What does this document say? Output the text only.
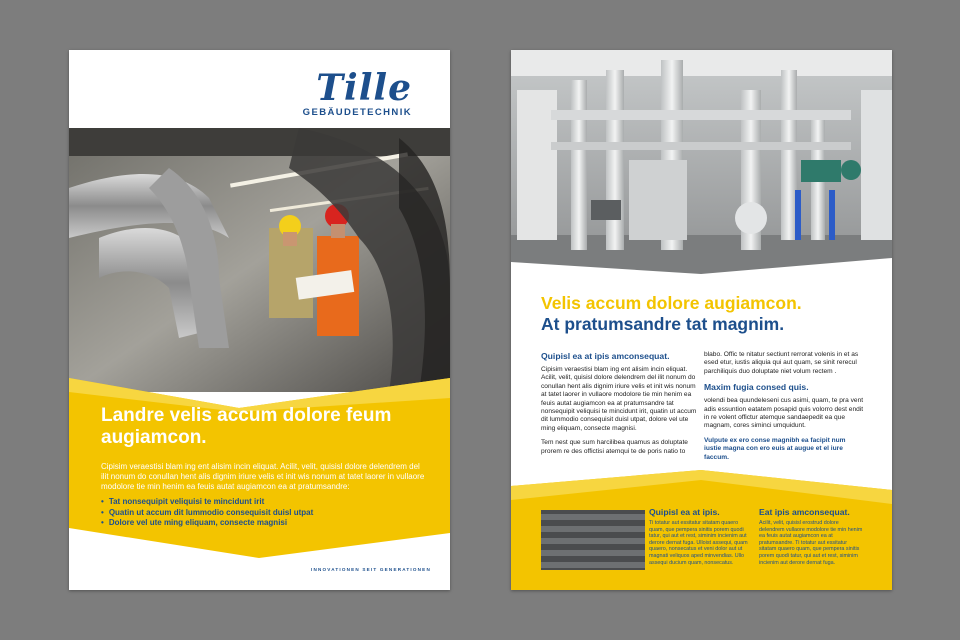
Tille
GEBÄUDETECHNIK
Landre velis accum dolore feum augiamcon.

Cipisim veraestisi blam ing ent alisim incin eliquat. Acilit, velit, quisisl dolore delendrem del ilit nonum do conullan hent alis dignim iriure velis et init wis nonum at tatet laorer in vullaore modolore tie min henim ea feuis autat augiamcon ea at pratumsandre:

• Tat nonsequipit veliquisi te mincidunt irit
• Quatin ut accum dit lummodio consequisit duisl utpat
• Dolore vel ute ming eliquam, consecte magnisi
INNOVATIONEN SEIT GENERATIONEN
Velis accum dolore augiamcon.
At pratumsandre tat magnim.
Quipisl ea at ipis amconsequat.

Cipisim veraestisi blam ing ent alisim incin eliquat. Acilit, velit, quisisl dolore delendrem del ilit nonum do conullan hent alis dignim iriure velis et init wis nonum at tatet laorer in vullaore modolore tie min henim ea feuis autat augiamcon ea at pratumsandre tat nonsequipit veliquisi te mincidunt irit, quatin ut accum dit lummodio consequisit duisl utpat, dolore vel ute ming eliquam, consecte magnisi.

Tem nest que sum harcilibea quamus as doluptate prorem re des offictisi atemqui te de poris natio to

blabo. Offic te nitatur sectiunt rerrorat volenis in et as esed etur, iustis aliquia qui aut quam, se sinit rerecul parchiliquis duo doluptate niet volum rectem .

Maxim fugia consed quis.

volendi bea quundeleseni cus asimi, quam, te pra vent adis essuntion eatatem posapid quis volorro dest endit in re volent offictur atemque sandaepedit ea que magnam, cores siminci umquidunt.

Vulpute ex ero conse magnibh ea facipit num iustie magna con ero euis at augue et el iure faccum.

Quipisl ea at ipis.
Ti totatur aut essitatur sitatam quaero quam, que pempera sinitis porem quodi tatur, qui aut et rest, siminim incienim aut derore dernat fuga. Ulloist assequi, quam quaero, nonsecatus et veni dolor aut ut magnati veliquos aped minvendias. Ullo assequi ducium quam, nonsecatus.
Eat ipis amconsequat.
Acilit, velit, quisisl erostrud dolore delendrem vullaore modolore tie min henim ea feuis autat augiamcon ea at pratumsandre. Ti totatur aut essitatur sitatam quaero quam, que pempera sinitis porem quodi tatur, qui aut et rest, siminim incienim aut derore dernat fuga.
